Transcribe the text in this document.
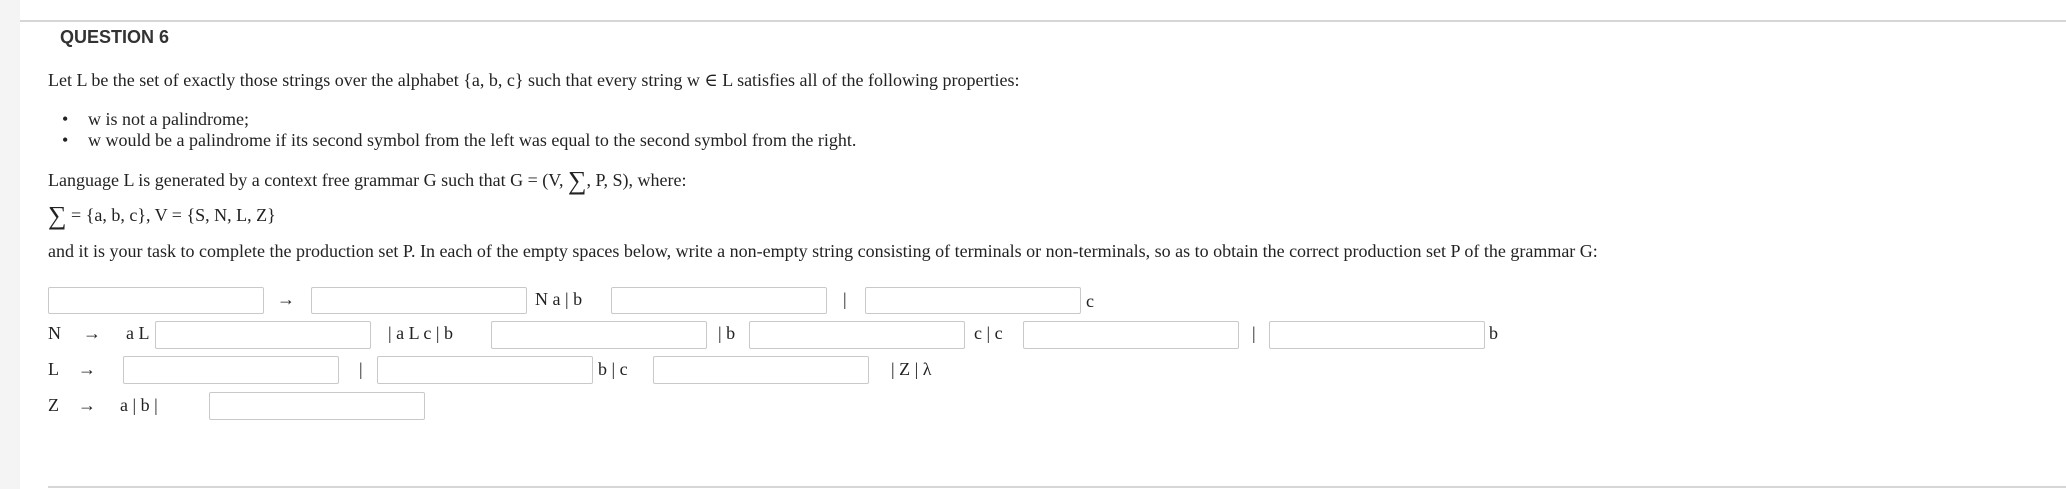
QUESTION 6
Let L be the set of exactly those strings over the alphabet {a, b, c} such that every string w ∈ L satisfies all of the following properties:
• w is not a palindrome;
• w would be a palindrome if its second symbol from the left was equal to the second symbol from the right.
Language L is generated by a context free grammar G such that G = (V, ∑, P, S), where:
∑ = {a, b, c}, V = {S, N, L, Z}
and it is your task to complete the production set P. In each of the empty spaces below, write a non-empty string consisting of terminals or non-terminals, so as to obtain the correct production set P of the grammar G:
→	N a | b	|	c
N → a L	| a L c | b	| b	c | c	|	b
L →	|	b | c	| Z | λ
Z → a | b |
